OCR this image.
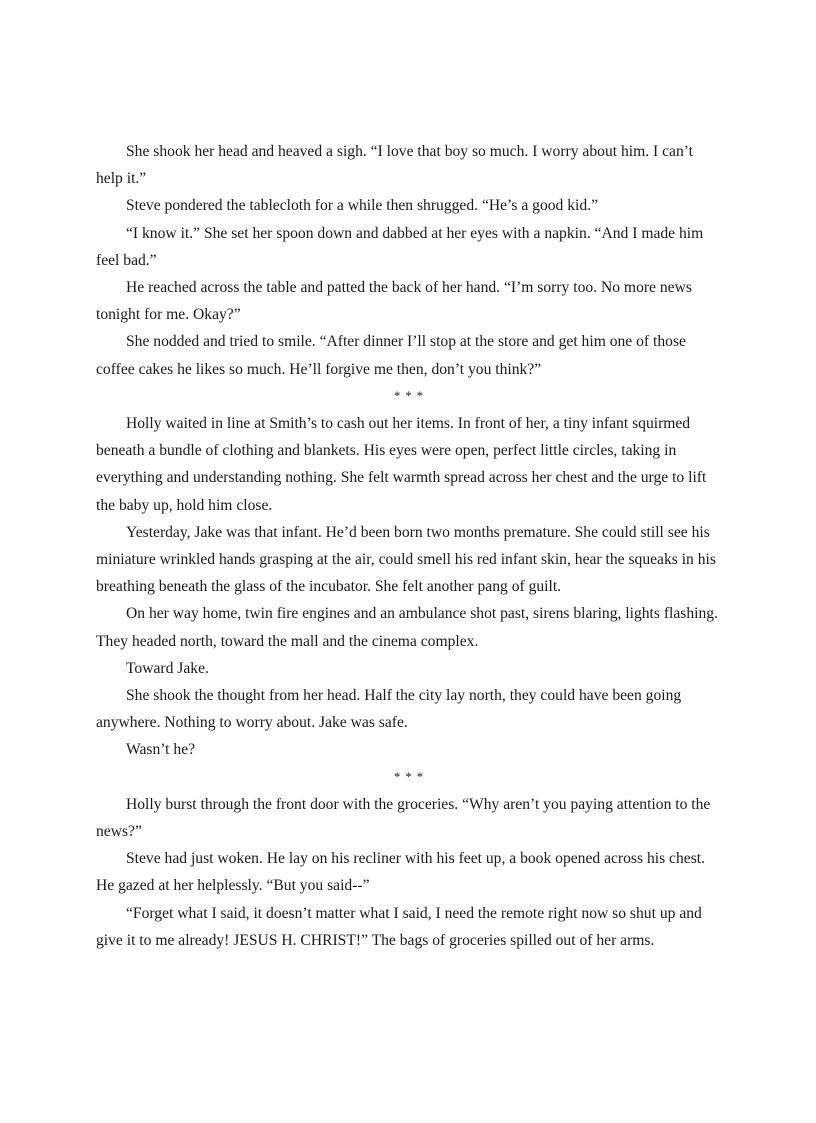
She shook her head and heaved a sigh. “I love that boy so much. I worry about him. I can’t help it.”

Steve pondered the tablecloth for a while then shrugged. “He’s a good kid.”

“I know it.” She set her spoon down and dabbed at her eyes with a napkin. “And I made him feel bad.”

He reached across the table and patted the back of her hand. “I’m sorry too. No more news tonight for me. Okay?”

She nodded and tried to smile. “After dinner I’ll stop at the store and get him one of those coffee cakes he likes so much. He’ll forgive me then, don’t you think?”

* * *

Holly waited in line at Smith’s to cash out her items. In front of her, a tiny infant squirmed beneath a bundle of clothing and blankets. His eyes were open, perfect little circles, taking in everything and understanding nothing. She felt warmth spread across her chest and the urge to lift the baby up, hold him close.

Yesterday, Jake was that infant. He’d been born two months premature. She could still see his miniature wrinkled hands grasping at the air, could smell his red infant skin, hear the squeaks in his breathing beneath the glass of the incubator. She felt another pang of guilt.

On her way home, twin fire engines and an ambulance shot past, sirens blaring, lights flashing. They headed north, toward the mall and the cinema complex.

Toward Jake.

She shook the thought from her head. Half the city lay north, they could have been going anywhere. Nothing to worry about. Jake was safe.

Wasn’t he?

* * *

Holly burst through the front door with the groceries. “Why aren’t you paying attention to the news?”

Steve had just woken. He lay on his recliner with his feet up, a book opened across his chest. He gazed at her helplessly. “But you said--”

“Forget what I said, it doesn’t matter what I said, I need the remote right now so shut up and give it to me already! JESUS H. CHRIST!” The bags of groceries spilled out of her arms.
